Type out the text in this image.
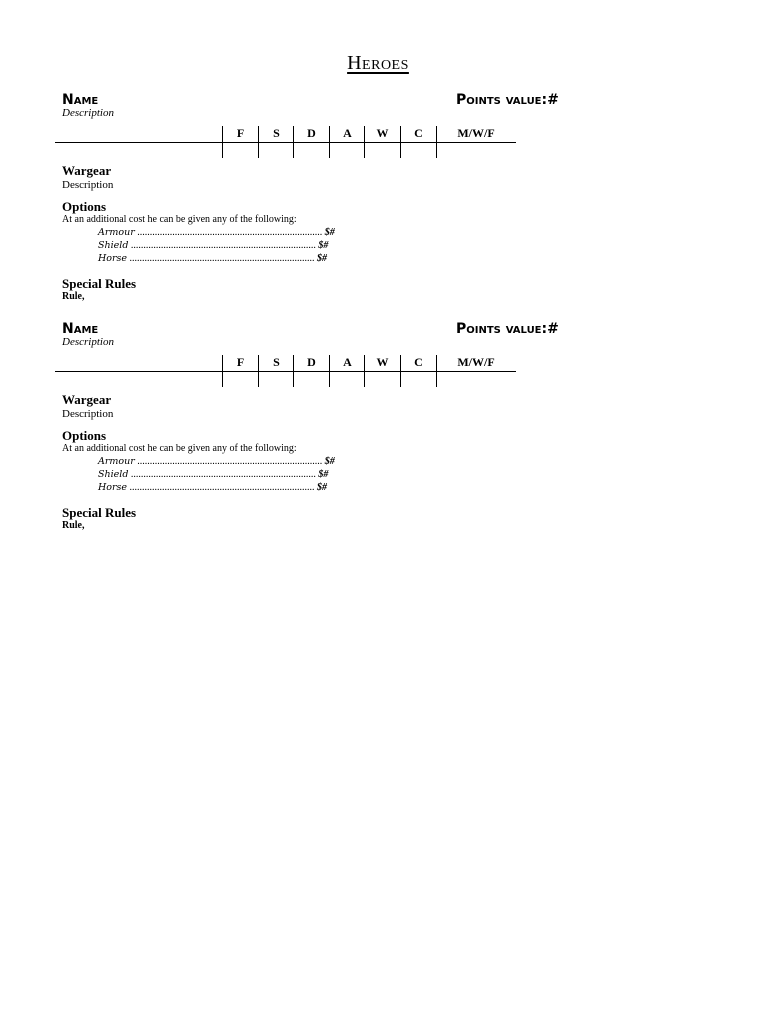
Heroes
Name	Points value:#
Description
F	S	D	A	W	C	M/W/F
Wargear
Description
Options
At an additional cost he can be given any of the following:
Armour .......................................................................... $#
Shield .......................................................................... $#
Horse .......................................................................... $#
Special Rules
Rule,
Name	Points value:#
Description
F	S	D	A	W	C	M/W/F
Wargear
Description
Options
At an additional cost he can be given any of the following:
Armour .......................................................................... $#
Shield .......................................................................... $#
Horse .......................................................................... $#
Special Rules
Rule,
